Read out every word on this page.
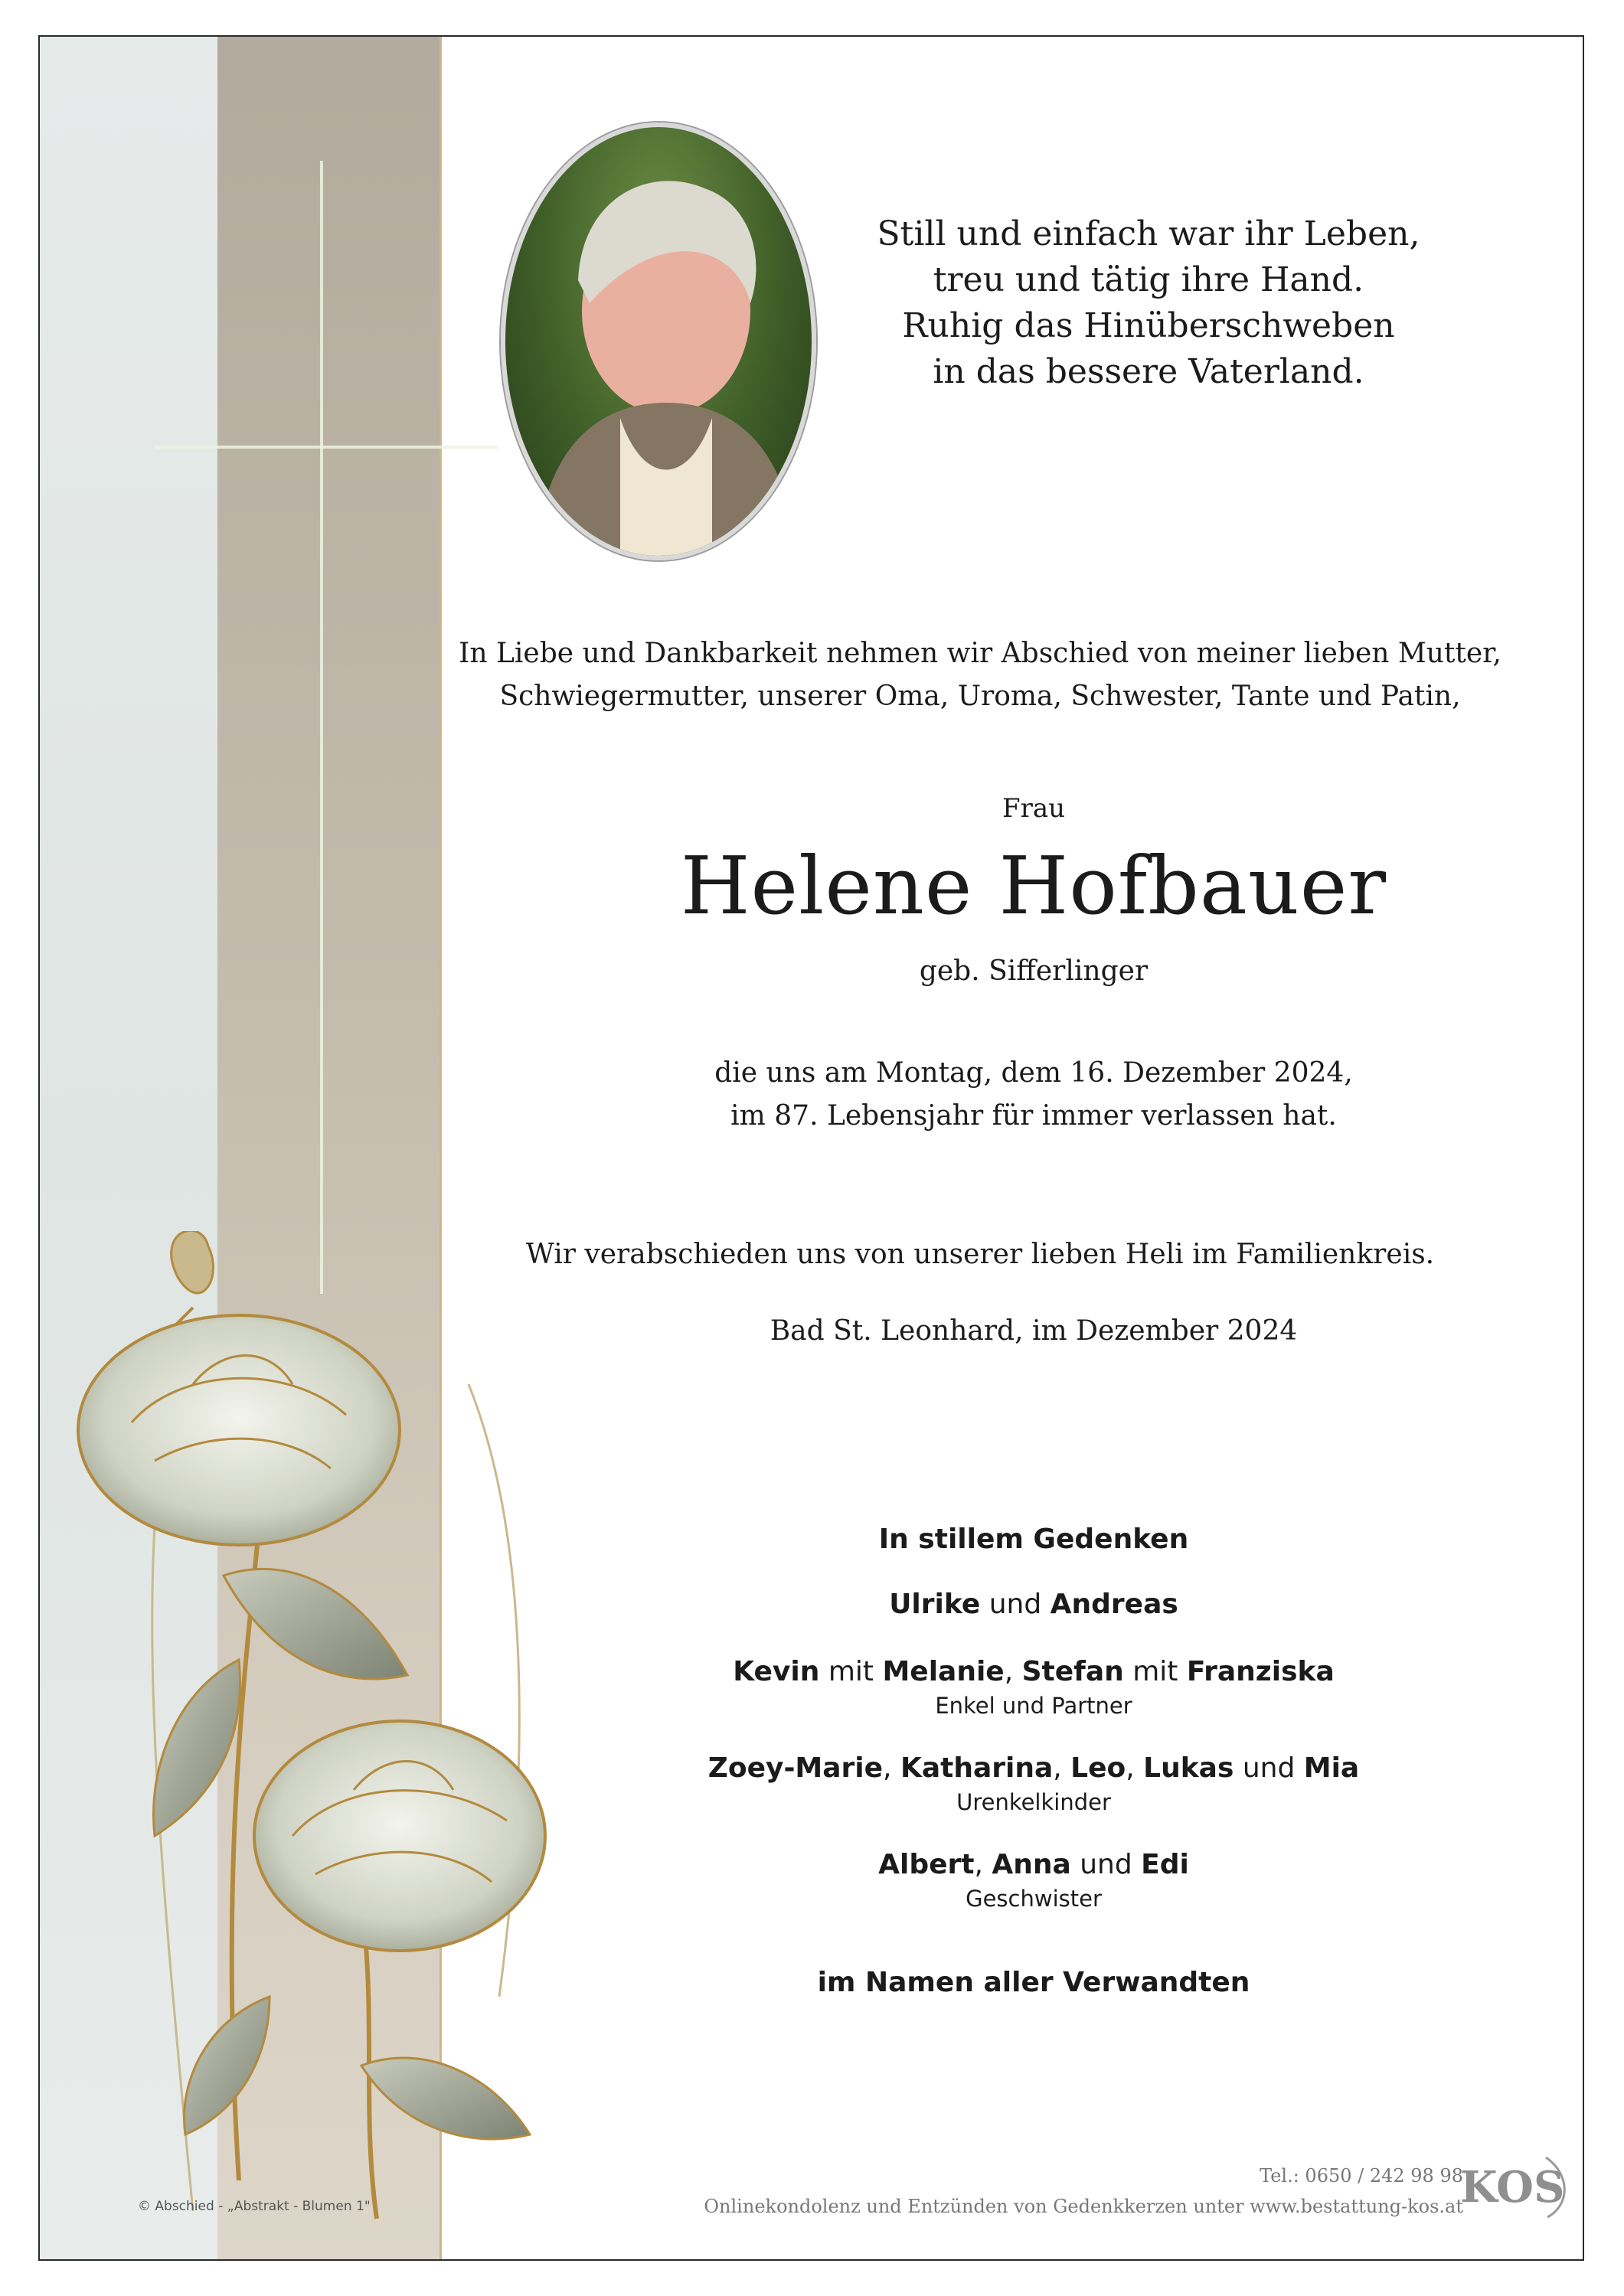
Still und einfach war ihr Leben,
treu und tätig ihre Hand.
Ruhig das Hinüberschweben
in das bessere Vaterland.
In Liebe und Dankbarkeit nehmen wir Abschied von meiner lieben Mutter,
Schwiegermutter, unserer Oma, Uroma, Schwester, Tante und Patin,
Frau
Helene Hofbauer
geb. Sifferlinger
die uns am Montag, dem 16. Dezember 2024,
im 87. Lebensjahr für immer verlassen hat.
Wir verabschieden uns von unserer lieben Heli im Familienkreis.
Bad St. Leonhard, im Dezember 2024
In stillem Gedenken
Ulrike und Andreas
Kevin mit Melanie, Stefan mit Franziska
Enkel und Partner
Zoey-Marie, Katharina, Leo, Lukas und Mia
Urenkelkinder
Albert, Anna und Edi
Geschwister
im Namen aller Verwandten
© Abschied - „Abstrakt - Blumen 1"
Tel.: 0650 / 242 98 98
Onlinekondolenz und Entzünden von Gedenkkerzen unter www.bestattung-kos.at
KOS
